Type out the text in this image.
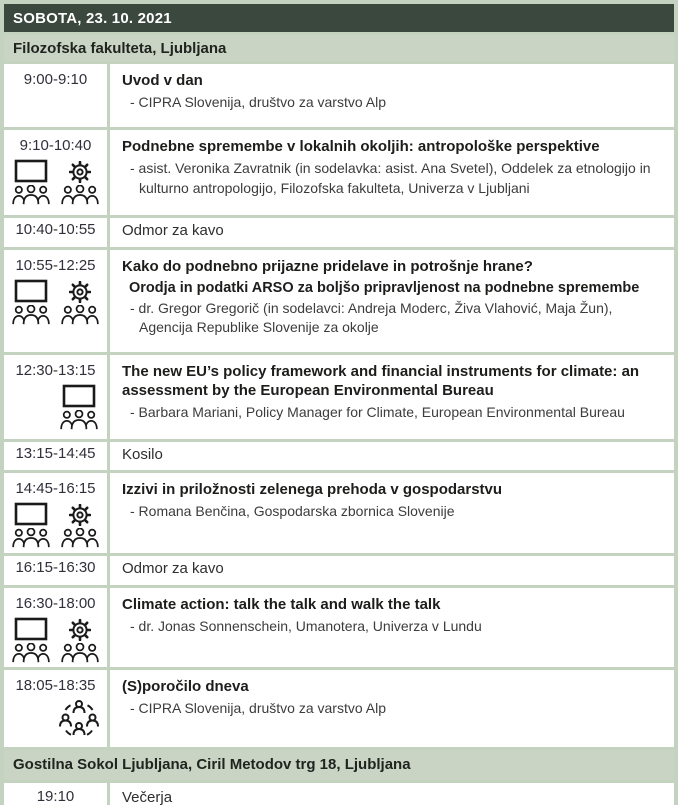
SOBOTA, 23. 10. 2021
Filozofska fakulteta, Ljubljana
9:00-9:10 Uvod v dan
- CIPRA Slovenija, društvo za varstvo Alp
9:10-10:40 Podnebne spremembe v lokalnih okoljih: antropološke perspektive
- asist. Veronika Zavratnik (in sodelavka: asist. Ana Svetel), Oddelek za etnologijo in kulturno antropologijo, Filozofska fakulteta, Univerza v Ljubljani
10:40-10:55 Odmor za kavo
10:55-12:25 Kako do podnebno prijazne pridelave in potrošnje hrane?
Orodja in podatki ARSO za boljšo pripravljenost na podnebne spremembe
- dr. Gregor Gregorič (in sodelavci: Andreja Moderc, Živa Vlahović, Maja Žun), Agencija Republike Slovenije za okolje
12:30-13:15 The new EU’s policy framework and financial instruments for climate: an assessment by the European Environmental Bureau
- Barbara Mariani, Policy Manager for Climate, European Environmental Bureau
13:15-14:45 Kosilo
14:45-16:15 Izzivi in priložnosti zelenega prehoda v gospodarstvu
- Romana Benčina, Gospodarska zbornica Slovenije
16:15-16:30 Odmor za kavo
16:30-18:00 Climate action: talk the talk and walk the talk
- dr. Jonas Sonnenschein, Umanotera, Univerza v Lundu
18:05-18:35 (S)poročilo dneva
- CIPRA Slovenija, društvo za varstvo Alp
Gostilna Sokol Ljubljana, Ciril Metodov trg 18, Ljubljana
19:10	Večerja
